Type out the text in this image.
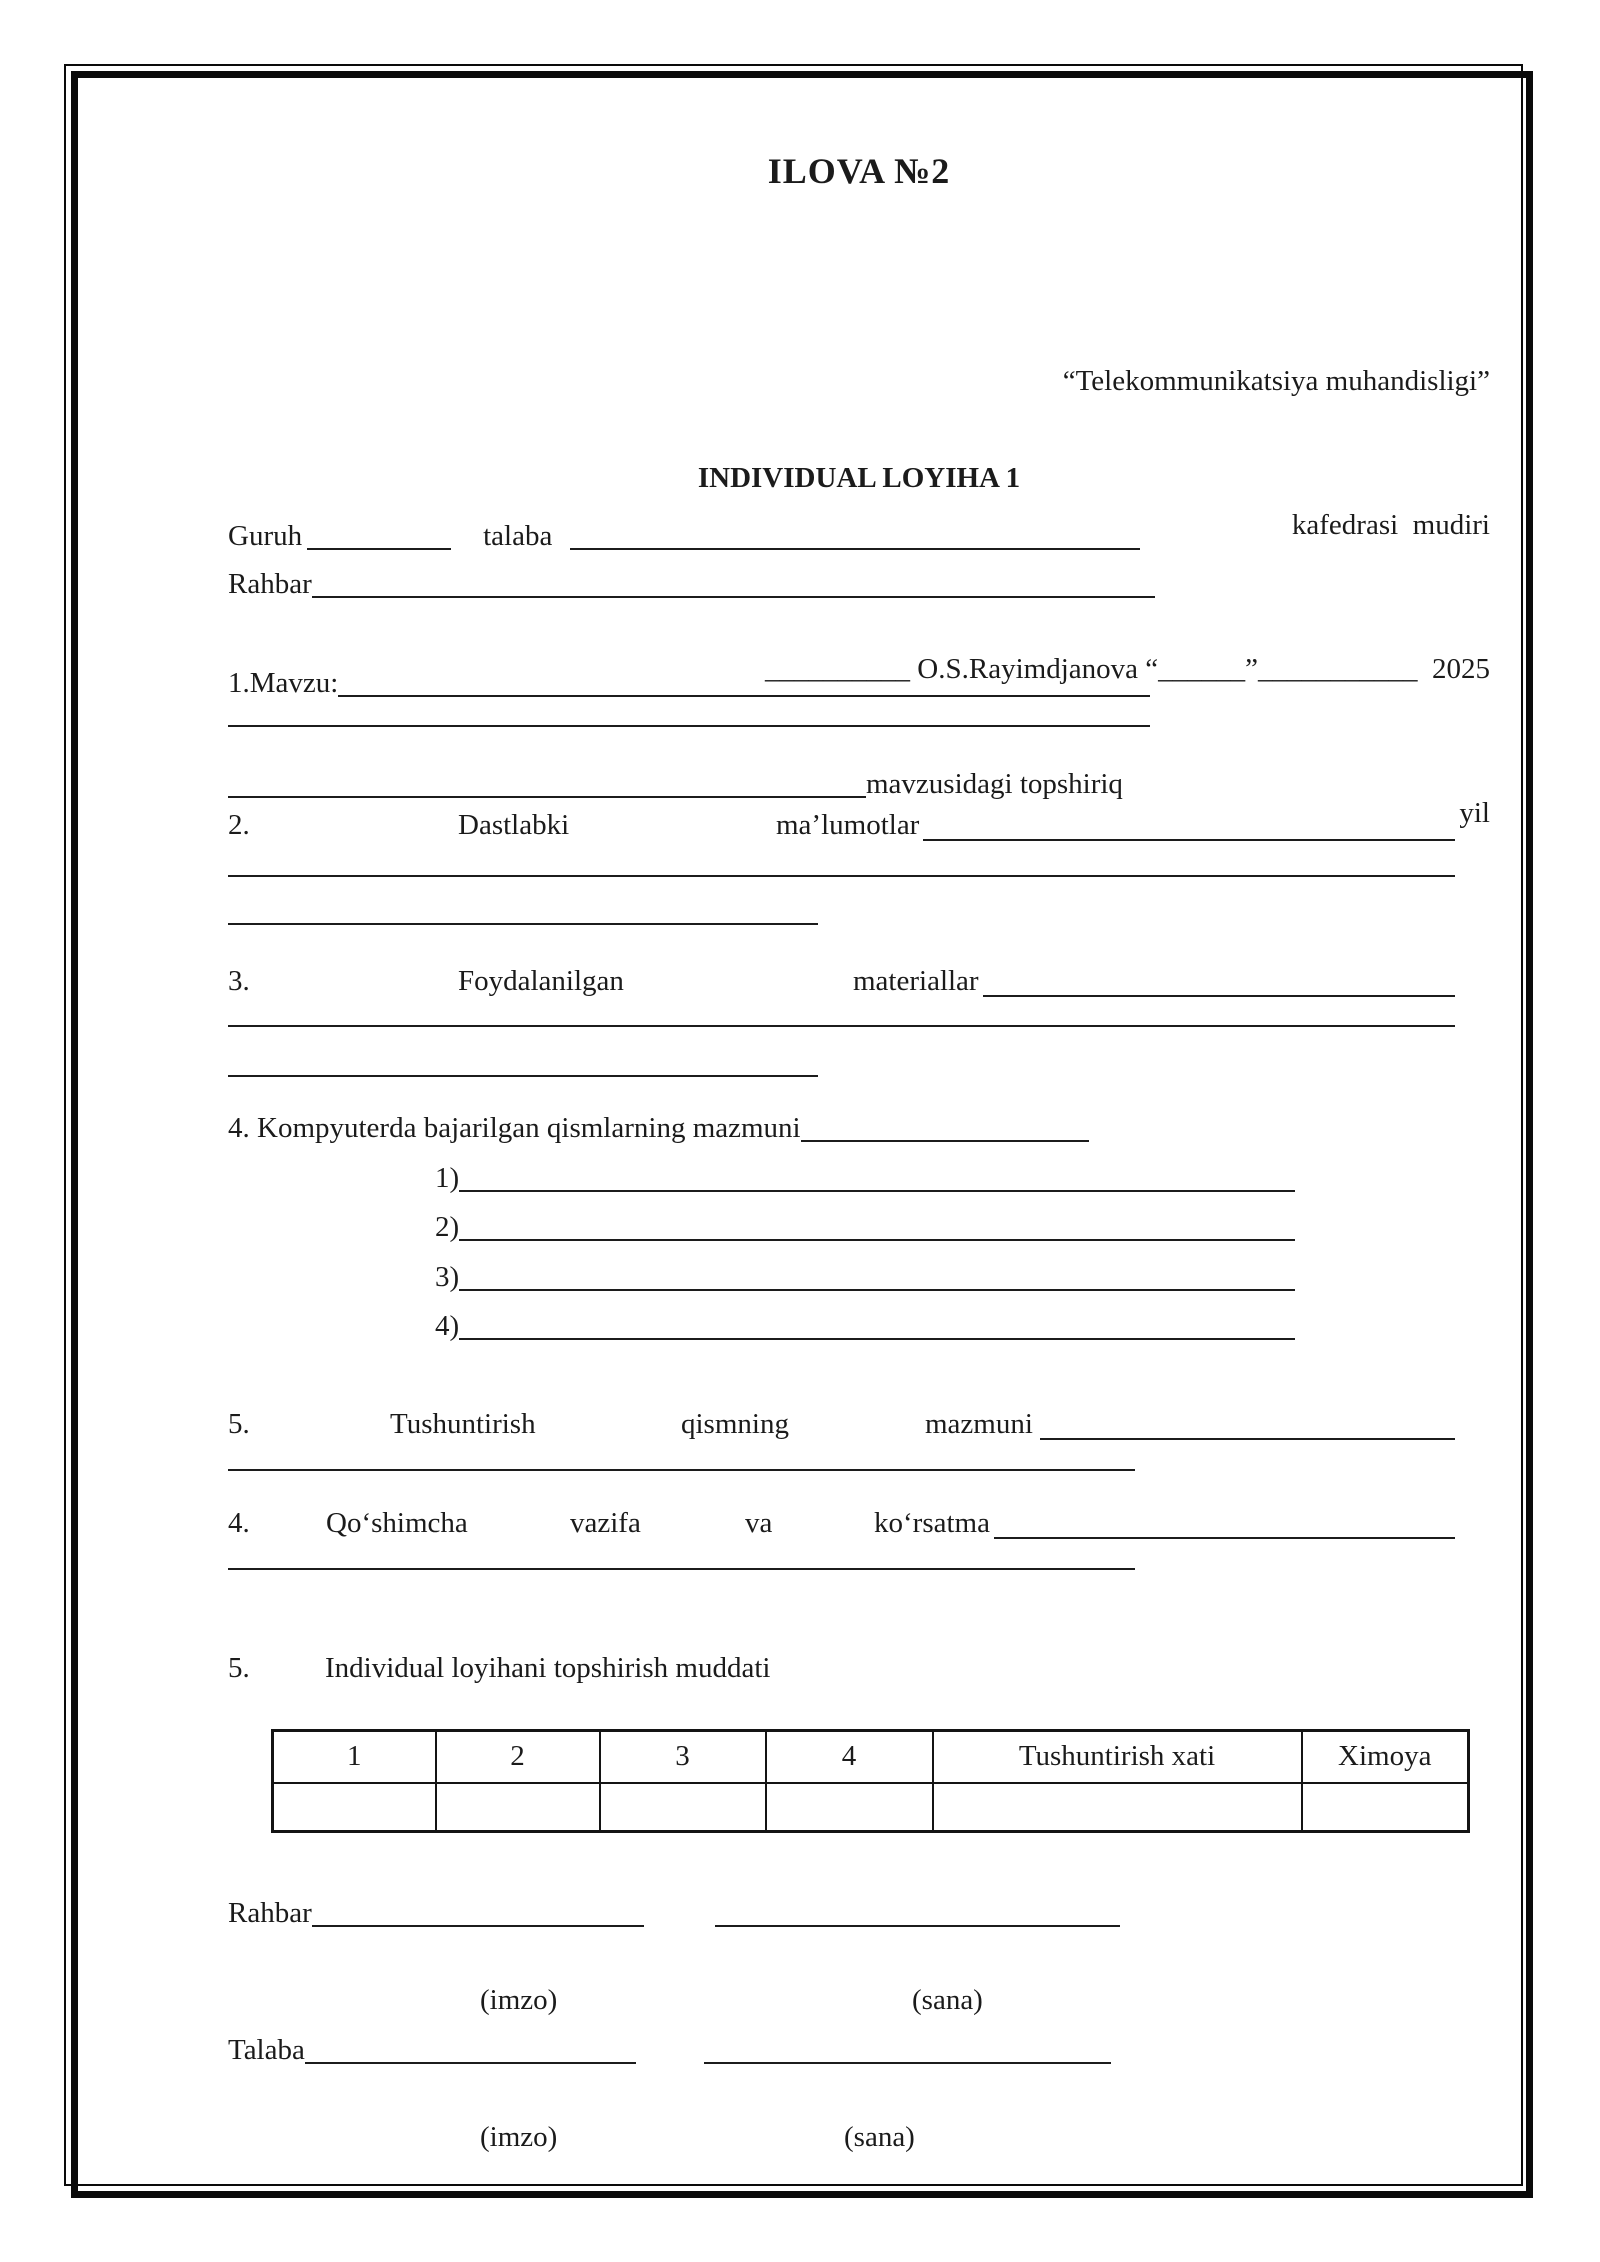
ILOVA №2

“Telekommunikatsiya muhandisligi”

kafedrasi  mudiri

__________ O.S.Rayimdjanova “______”___________  2025

yil

INDIVIDUAL LOYIHA 1
Guruh	talaba
Rahbar
1.Mavzu:
mavzusidagi topshiriq
2.	Dastlabki	ma’lumotlar
3.	Foydalanilgan	materiallar
4. Kompyuterda bajarilgan qismlarning mazmuni
1)
2)
3)
4)
5.	Tushuntirish	qismning	mazmuni
4.	Qo‘shimcha	vazifa	va	ko‘rsatma
5.	Individual loyihani topshirish muddati
1	2	3	4	Tushuntirish xati	Ximoya

Rahbar
(imzo)	(sana)
Talaba
(imzo)	(sana)
